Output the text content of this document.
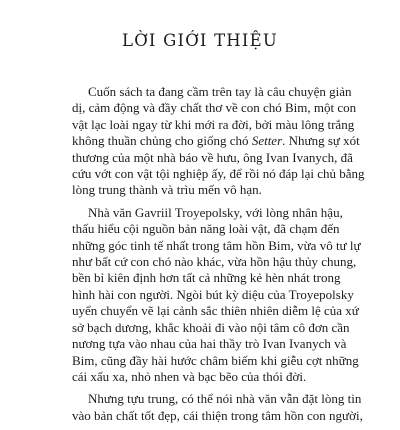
LỜI GIỚI THIỆU
Cuốn sách ta đang cầm trên tay là câu chuyện giản
dị, cảm động và đầy chất thơ về con chó Bim, một con
vật lạc loài ngay từ khi mới ra đời, bởi màu lông trắng
không thuần chủng cho giống chó Setter. Nhưng sự xót
thương của một nhà báo về hưu, ông Ivan Ivanych, đã
cứu vớt con vật tội nghiệp ấy, để rồi nó đáp lại chủ bằng
lòng trung thành và trìu mến vô hạn.
Nhà văn Gavriil Troyepolsky, với lòng nhân hậu,
thấu hiểu cội nguồn bản năng loài vật, đã chạm đến
những góc tinh tế nhất trong tâm hồn Bim, vừa vô tư lự
như bất cứ con chó nào khác, vừa hồn hậu thủy chung,
bền bỉ kiên định hơn tất cả những kẻ hèn nhát trong
hình hài con người. Ngòi bút kỳ diệu của Troyepolsky
uyển chuyển vẽ lại cảnh sắc thiên nhiên diễm lệ của xứ
sở bạch dương, khắc khoải đi vào nội tâm cô đơn cần
nương tựa vào nhau của hai thầy trò Ivan Ivanych và
Bim, cũng đầy hài hước châm biếm khi giễu cợt những
cái xấu xa, nhỏ nhen và bạc bẽo của thói đời.
Nhưng tựu trung, có thể nói nhà văn vẫn đặt lòng tin
vào bản chất tốt đẹp, cái thiện trong tâm hồn con người,
